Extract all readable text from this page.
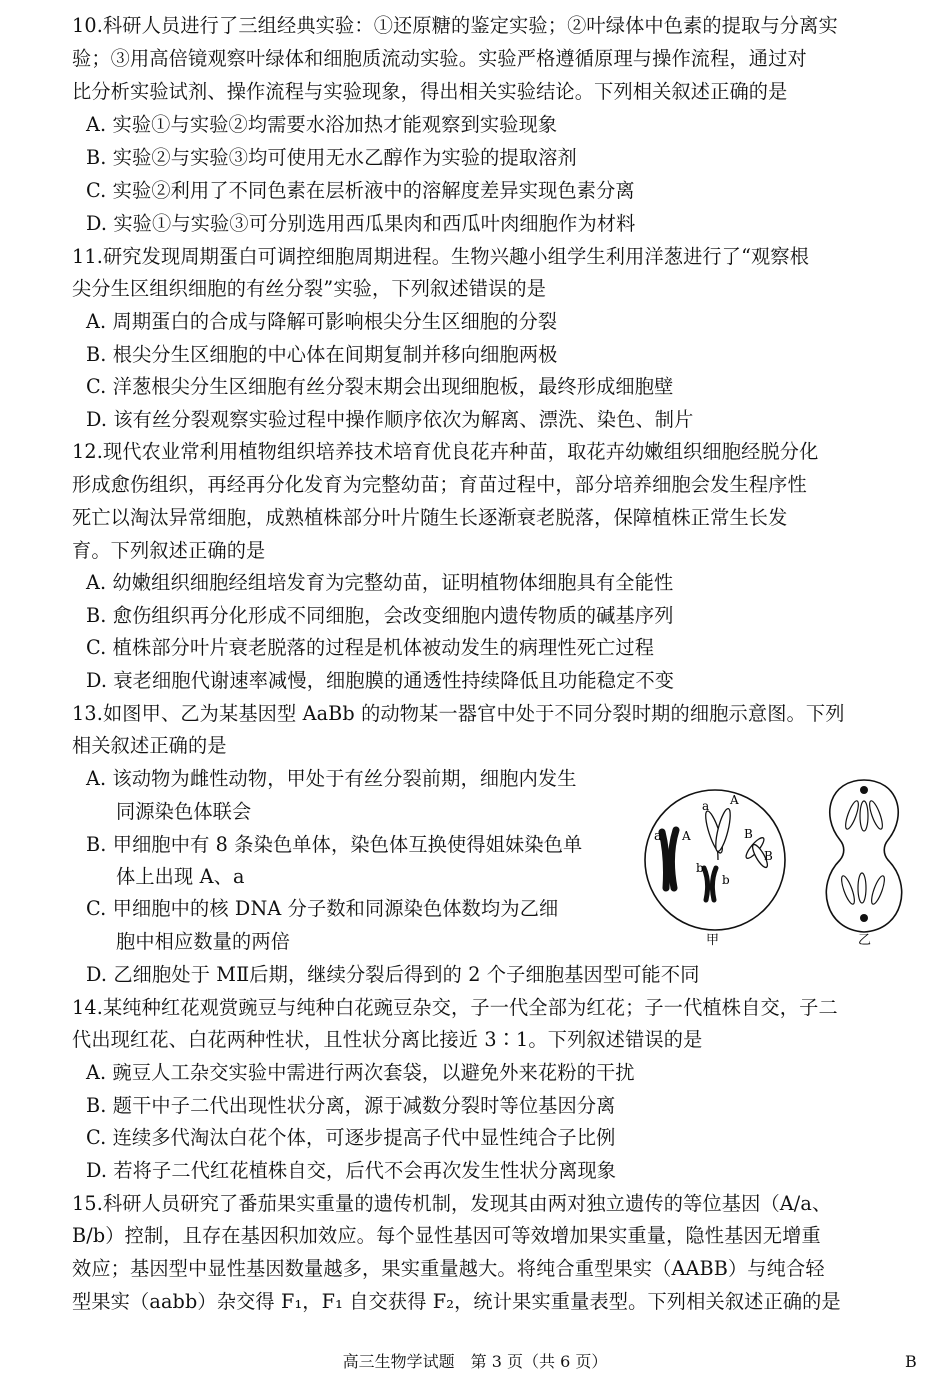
10.科研人员进行了三组经典实验：①还原糖的鉴定实验；②叶绿体中色素的提取与分离实
验；③用高倍镜观察叶绿体和细胞质流动实验。实验严格遵循原理与操作流程，通过对
比分析实验试剂、操作流程与实验现象，得出相关实验结论。下列相关叙述正确的是
A. 实验①与实验②均需要水浴加热才能观察到实验现象
B. 实验②与实验③均可使用无水乙醇作为实验的提取溶剂
C. 实验②利用了不同色素在层析液中的溶解度差异实现色素分离
D. 实验①与实验③可分别选用西瓜果肉和西瓜叶肉细胞作为材料
11.研究发现周期蛋白可调控细胞周期进程。生物兴趣小组学生利用洋葱进行了“观察根
尖分生区组织细胞的有丝分裂”实验，下列叙述错误的是
A. 周期蛋白的合成与降解可影响根尖分生区细胞的分裂
B. 根尖分生区细胞的中心体在间期复制并移向细胞两极
C. 洋葱根尖分生区细胞有丝分裂末期会出现细胞板，最终形成细胞壁
D. 该有丝分裂观察实验过程中操作顺序依次为解离、漂洗、染色、制片
12.现代农业常利用植物组织培养技术培育优良花卉种苗，取花卉幼嫩组织细胞经脱分化
形成愈伤组织，再经再分化发育为完整幼苗；育苗过程中，部分培养细胞会发生程序性
死亡以淘汰异常细胞，成熟植株部分叶片随生长逐渐衰老脱落，保障植株正常生长发
育。下列叙述正确的是
A. 幼嫩组织细胞经组培发育为完整幼苗，证明植物体细胞具有全能性
B. 愈伤组织再分化形成不同细胞，会改变细胞内遗传物质的碱基序列
C. 植株部分叶片衰老脱落的过程是机体被动发生的病理性死亡过程
D. 衰老细胞代谢速率减慢，细胞膜的通透性持续降低且功能稳定不变
13.如图甲、乙为某基因型 AaBb 的动物某一器官中处于不同分裂时期的细胞示意图。下列
相关叙述正确的是
A. 该动物为雌性动物，甲处于有丝分裂前期，细胞内发生
同源染色体联会
B. 甲细胞中有 8 条染色单体，染色体互换使得姐妹染色单
体上出现 A、a
C. 甲细胞中的核 DNA 分子数和同源染色体数均为乙细
胞中相应数量的两倍
D. 乙细胞处于 MⅡ后期，继续分裂后得到的 2 个子细胞基因型可能不同
a
A
a
A	B
B
b
b
甲	乙
14.某纯种红花观赏豌豆与纯种白花豌豆杂交，子一代全部为红花；子一代植株自交，子二
代出现红花、白花两种性状，且性状分离比接近 3∶1。下列叙述错误的是
A. 豌豆人工杂交实验中需进行两次套袋，以避免外来花粉的干扰
B. 题干中子二代出现性状分离，源于减数分裂时等位基因分离
C. 连续多代淘汰白花个体，可逐步提高子代中显性纯合子比例
D. 若将子二代红花植株自交，后代不会再次发生性状分离现象
15.科研人员研究了番茄果实重量的遗传机制，发现其由两对独立遗传的等位基因（A/a、
B/b）控制，且存在基因积加效应。每个显性基因可等效增加果实重量，隐性基因无增重
效应；基因型中显性基因数量越多，果实重量越大。将纯合重型果实（AABB）与纯合轻
型果实（aabb）杂交得 F₁，F₁ 自交获得 F₂，统计果实重量表型。下列相关叙述正确的是
高三生物学试题　第 3 页（共 6 页）	B
